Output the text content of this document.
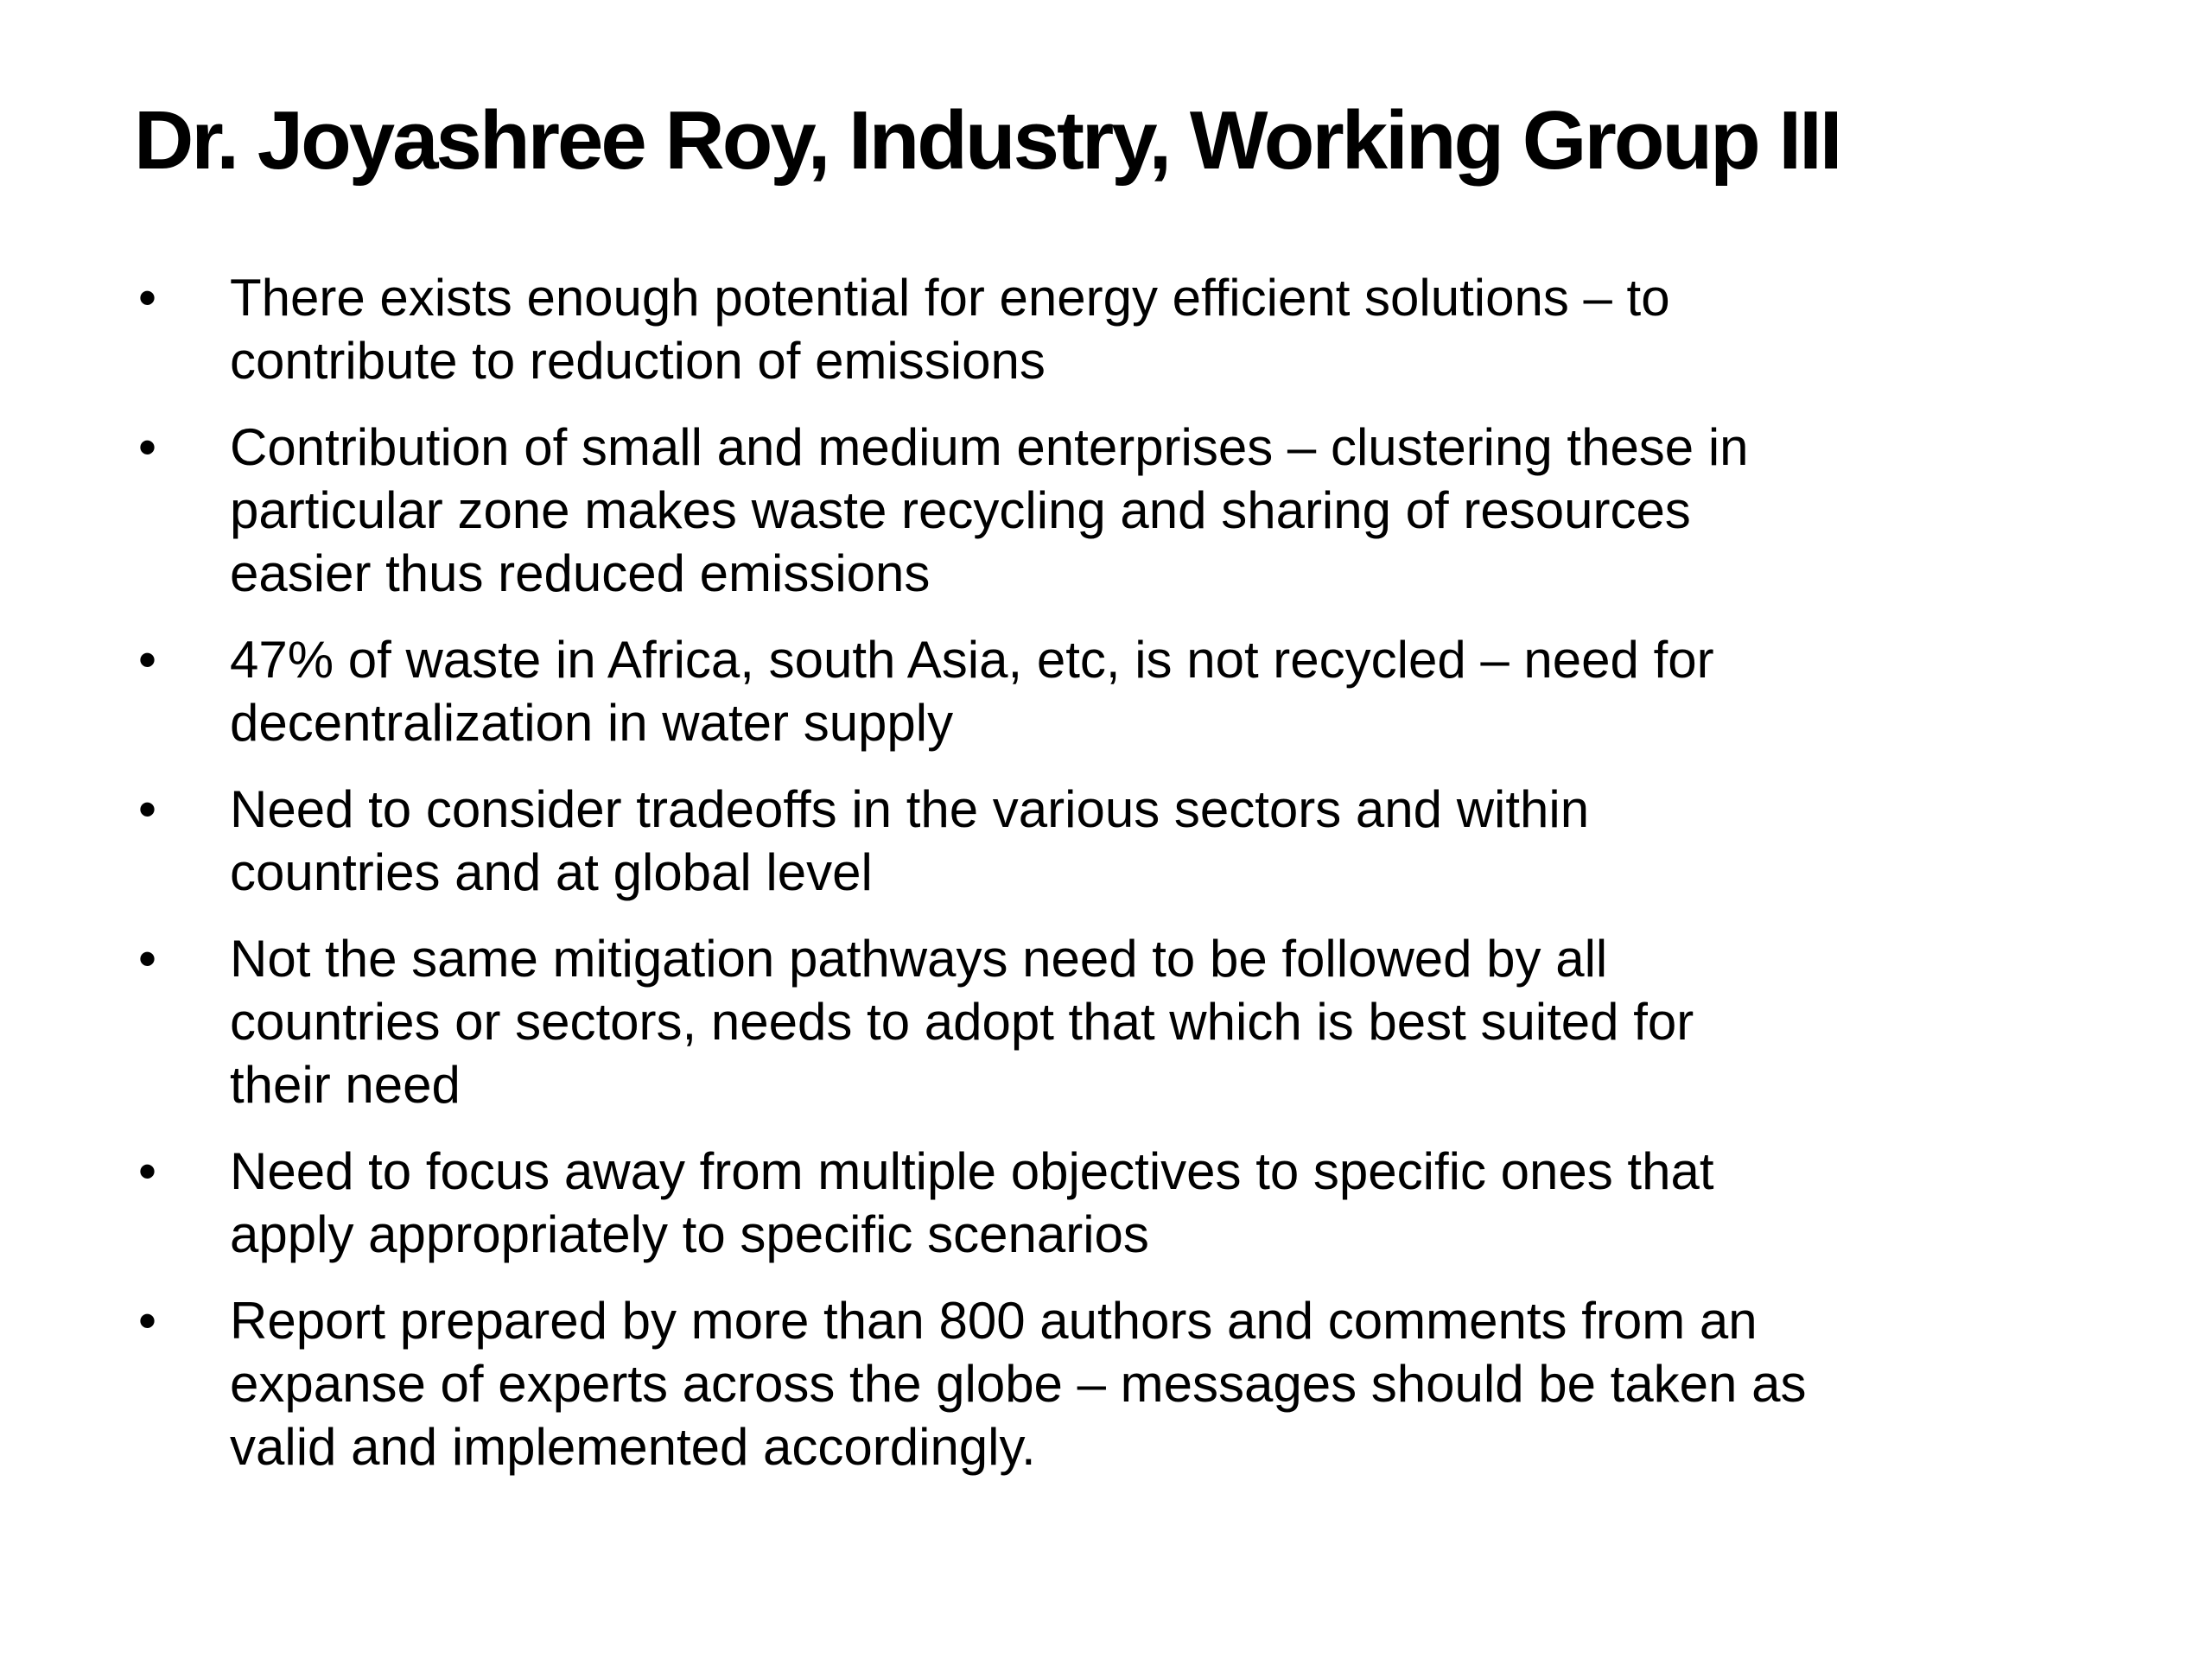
Dr. Joyashree Roy, Industry, Working Group III
• There exists enough potential for energy efficient solutions – to
contribute to reduction of emissions
• Contribution of small and medium enterprises – clustering these in
particular zone makes waste recycling and sharing of resources
easier thus reduced emissions
• 47% of waste in Africa, south Asia, etc, is not recycled – need for
decentralization in water supply
• Need to consider tradeoffs in the various sectors and within
countries and at global level
• Not the same mitigation pathways need to be followed by all
countries or sectors, needs to adopt that which is best suited for
their need
• Need to focus away from multiple objectives to specific ones that
apply appropriately to specific scenarios
• Report prepared by more than 800 authors and comments from an
expanse of experts across the globe – messages should be taken as
valid and implemented accordingly.
